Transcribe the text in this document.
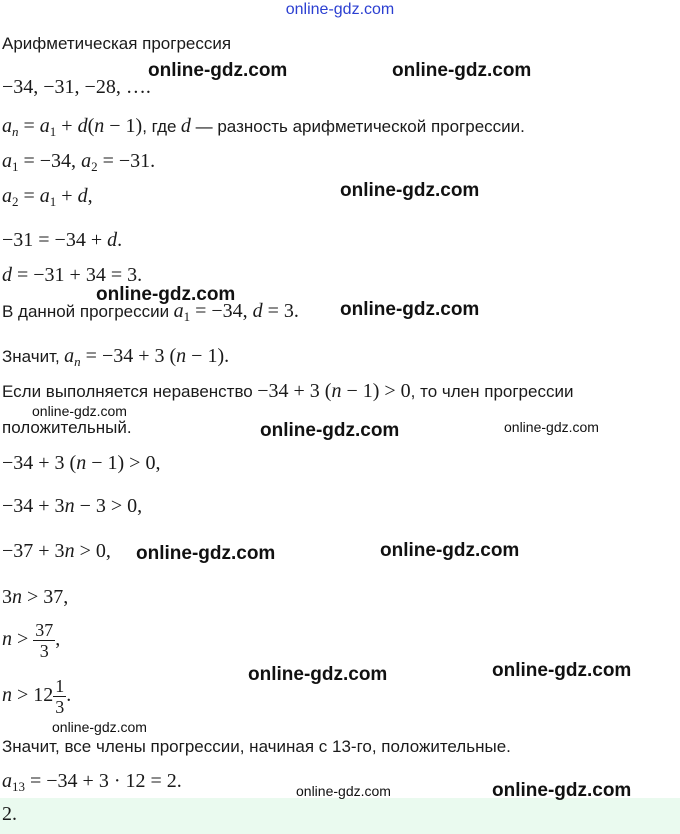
online-gdz.com
Арифметическая прогрессия
−34, −31, −28, ….
$a_n = a_1 + d(n - 1)$, где d — разность арифметической прогрессии.
$a_1 = -34$, $a_2 = -31$.
$a_2 = a_1 + d$,
−31 = −34 + d.
d = −31 + 34 = 3.
В данной прогрессии $a_1 = -34$, d = 3.
Значит, $a_n = -34 + 3$ (n − 1).
Если выполняется неравенство −34 + 3 (n − 1) > 0, то член прогрессии
положительный.
−34 + 3 (n − 1) > 0,
−34 + 3n − 3 > 0,
−37 + 3n > 0,
3n > 37,
$n > \frac{37}{3}$ ,
$n > 12 \frac{1}{3}$ .
Значит, все члены прогрессии, начиная с 13-го, положительные.
$a_{13} = -34 + 3 \cdot 12 = 2$.
2.
online-gdz.com	online-gdz.com
online-gdz.com
online-gdz.com
online-gdz.com
online-gdz.com
online-gdz.com	online-gdz.com
online-gdz.com	online-gdz.com
online-gdz.com	online-gdz.com
online-gdz.com
online-gdz.com	online-gdz.com
